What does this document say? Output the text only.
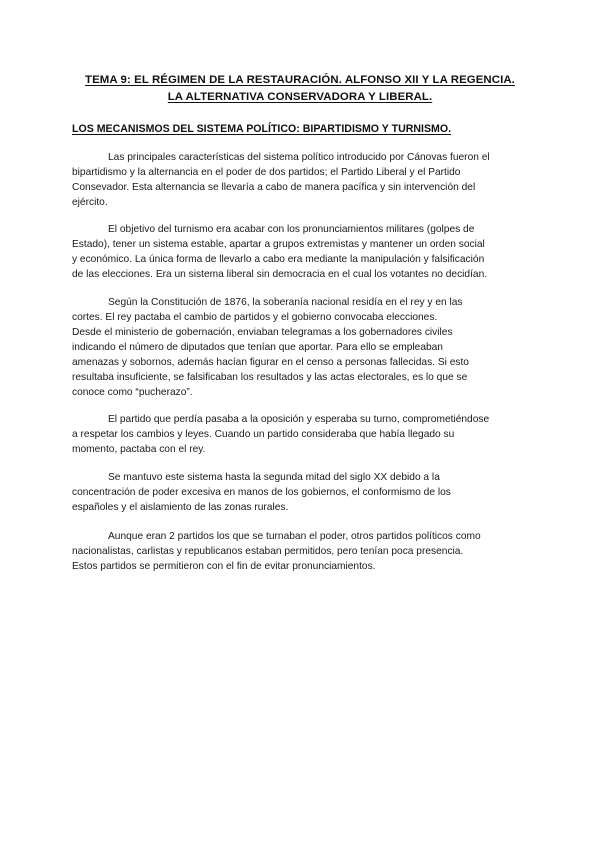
TEMA 9: EL RÉGIMEN DE LA RESTAURACIÓN. ALFONSO XII Y LA REGENCIA.
LA ALTERNATIVA CONSERVADORA Y LIBERAL.
LOS MECANISMOS DEL SISTEMA POLÍTICO: BIPARTIDISMO Y TURNISMO.

Las principales características del sistema político introducido por Cánovas fueron el
bipartidismo y la alternancia en el poder de dos partidos; el Partido Liberal y el Partido
Consevador. Esta alternancia se llevaría a cabo de manera pacífica y sin intervención del
ejército.

El objetivo del turnismo era acabar con los pronunciamientos militares (golpes de
Estado), tener un sistema estable, apartar a grupos extremistas y mantener un orden social
y económico. La única forma de llevarlo a cabo era mediante la manipulación y falsificación
de las elecciones. Era un sistema liberal sin democracia en el cual los votantes no decidían.

Según la Constitución de 1876, la soberanía nacional residía en el rey y en las
cortes. El rey pactaba el cambio de partidos y el gobierno convocaba elecciones.
Desde el ministerio de gobernación, enviaban telegramas a los gobernadores civiles
indicando el número de diputados que tenían que aportar. Para ello se empleaban
amenazas y sobornos, además hacían figurar en el censo a personas fallecidas. Si esto
resultaba insuficiente, se falsificaban los resultados y las actas electorales, es lo que se
conoce como “pucherazo”.

El partido que perdía pasaba a la oposición y esperaba su turno, comprometiéndose
a respetar los cambios y leyes. Cuando un partido consideraba que había llegado su
momento, pactaba con el rey.

Se mantuvo este sistema hasta la segunda mitad del siglo XX debido a la
concentración de poder excesiva en manos de los gobiernos, el conformismo de los
españoles y el aislamiento de las zonas rurales.

Aunque eran 2 partidos los que se turnaban el poder, otros partidos políticos como
nacionalistas, carlistas y republicanos estaban permitidos, pero tenían poca presencia.
Estos partidos se permitieron con el fin de evitar pronunciamientos.
